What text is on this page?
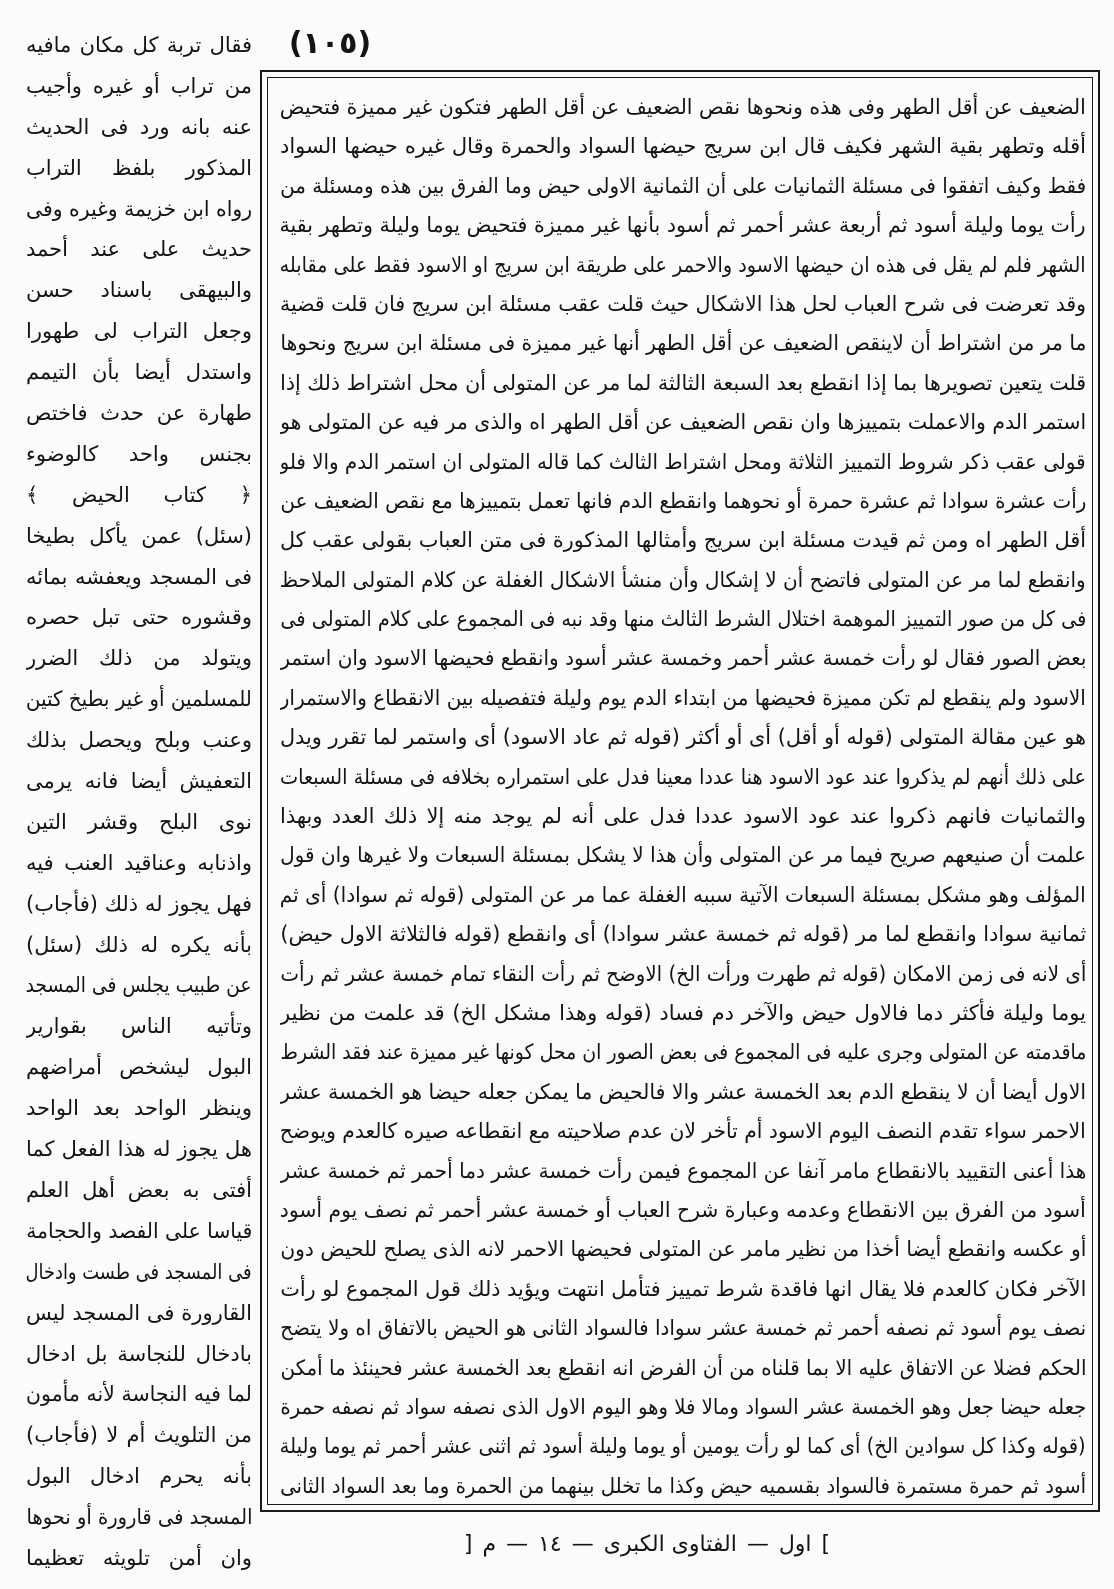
(١٠٥)
الضعيف عن أقل الطهر وفى هذه ونحوها نقص الضعيف عن أقل الطهر فتكون غير مميزة فتحيض
أقله وتطهر بقية الشهر فكيف قال ابن سريج حيضها السواد والحمرة وقال غيره حيضها السواد
فقط وكيف اتفقوا فى مسئلة الثمانيات على أن الثمانية الاولى حيض وما الفرق بين هذه ومسئلة من
رأت يوما وليلة أسود ثم أربعة عشر أحمر ثم أسود بأنها غير مميزة فتحيض يوما وليلة وتطهر بقية
الشهر فلم لم يقل فى هذه ان حيضها الاسود والاحمر على طريقة ابن سريج او الاسود فقط على مقابله
وقد تعرضت فى شرح العباب لحل هذا الاشكال حيث قلت عقب مسئلة ابن سريج فان قلت قضية
ما مر من اشتراط أن لاينقص الضعيف عن أقل الطهر أنها غير مميزة فى مسئلة ابن سريج ونحوها
قلت يتعين تصويرها بما إذا انقطع بعد السبعة الثالثة لما مر عن المتولى أن محل اشتراط ذلك إذا
استمر الدم والاعملت بتمييزها وان نقص الضعيف عن أقل الطهر اه والذى مر فيه عن المتولى هو
قولى عقب ذكر شروط التمييز الثلاثة ومحل اشتراط الثالث كما قاله المتولى ان استمر الدم والا فلو
رأت عشرة سوادا ثم عشرة حمرة أو نحوهما وانقطع الدم فانها تعمل بتمييزها مع نقص الضعيف عن
أقل الطهر اه ومن ثم قيدت مسئلة ابن سريج وأمثالها المذكورة فى متن العباب بقولى عقب كل
وانقطع لما مر عن المتولى فاتضح أن لا إشكال وأن منشأ الاشكال الغفلة عن كلام المتولى الملاحظ
فى كل من صور التمييز الموهمة اختلال الشرط الثالث منها وقد نبه فى المجموع على كلام المتولى فى
بعض الصور فقال لو رأت خمسة عشر أحمر وخمسة عشر أسود وانقطع فحيضها الاسود وان استمر
الاسود ولم ينقطع لم تكن مميزة فحيضها من ابتداء الدم يوم وليلة فتفصيله بين الانقطاع والاستمرار
هو عين مقالة المتولى (قوله أو أقل) أى أو أكثر (قوله ثم عاد الاسود) أى واستمر لما تقرر ويدل
على ذلك أنهم لم يذكروا عند عود الاسود هنا عددا معينا فدل على استمراره بخلافه فى مسئلة السبعات
والثمانيات فانهم ذكروا عند عود الاسود عددا فدل على أنه لم يوجد منه إلا ذلك العدد وبهذا
علمت أن صنيعهم صريح فيما مر عن المتولى وأن هذا لا يشكل بمسئلة السبعات ولا غيرها وان قول
المؤلف وهو مشكل بمسئلة السبعات الآتية سببه الغفلة عما مر عن المتولى (قوله ثم سوادا) أى ثم
ثمانية سوادا وانقطع لما مر (قوله ثم خمسة عشر سوادا) أى وانقطع (قوله فالثلاثة الاول حيض)
أى لانه فى زمن الامكان (قوله ثم طهرت ورأت الخ) الاوضح ثم رأت النقاء تمام خمسة عشر ثم رأت
يوما وليلة فأكثر دما فالاول حيض والآخر دم فساد (قوله وهذا مشكل الخ) قد علمت من نظير
ماقدمته عن المتولى وجرى عليه فى المجموع فى بعض الصور ان محل كونها غير مميزة عند فقد الشرط
الاول أيضا أن لا ينقطع الدم بعد الخمسة عشر والا فالحيض ما يمكن جعله حيضا هو الخمسة عشر
الاحمر سواء تقدم النصف اليوم الاسود أم تأخر لان عدم صلاحيته مع انقطاعه صيره كالعدم ويوضح
هذا أعنى التقييد بالانقطاع مامر آنفا عن المجموع فيمن رأت خمسة عشر دما أحمر ثم خمسة عشر
أسود من الفرق بين الانقطاع وعدمه وعبارة شرح العباب أو خمسة عشر أحمر ثم نصف يوم أسود
أو عكسه وانقطع أيضا أخذا من نظير مامر عن المتولى فحيضها الاحمر لانه الذى يصلح للحيض دون
الآخر فكان كالعدم فلا يقال انها فاقدة شرط تمييز فتأمل انتهت ويؤيد ذلك قول المجموع لو رأت
نصف يوم أسود ثم نصفه أحمر ثم خمسة عشر سوادا فالسواد الثانى هو الحيض بالاتفاق اه ولا يتضح
الحكم فضلا عن الاتفاق عليه الا بما قلناه من أن الفرض انه انقطع بعد الخمسة عشر فحينئذ ما أمكن
جعله حيضا جعل وهو الخمسة عشر السواد ومالا فلا وهو اليوم الاول الذى نصفه سواد ثم نصفه حمرة
(قوله وكذا كل سوادين الخ) أى كما لو رأت يومين أو يوما وليلة أسود ثم اثنى عشر أحمر ثم يوما وليلة
أسود ثم حمرة مستمرة فالسواد بقسميه حيض وكذا ما تخلل بينهما من الحمرة وما بعد السواد الثانى
فقال تربة كل مكان مافيه
من تراب أو غيره وأجيب
عنه بانه ورد فى الحديث
المذكور بلفظ التراب
رواه ابن خزيمة وغيره وفى
حديث على عند أحمد
والبيهقى باسناد حسن
وجعل التراب لى طهورا
واستدل أيضا بأن التيمم
طهارة عن حدث فاختص
بجنس واحد كالوضوء
﴿ كتاب الحيض ﴾
(سئل) عمن يأكل بطيخا
فى المسجد ويعفشه بمائه
وقشوره حتى تبل حصره
ويتولد من ذلك الضرر
للمسلمين أو غير بطيخ كتين
وعنب وبلح ويحصل بذلك
التعفيش أيضا فانه يرمى
نوى البلح وقشر التين
واذنابه وعناقيد العنب فيه
فهل يجوز له ذلك (فأجاب)
بأنه يكره له ذلك (سئل)
عن طبيب يجلس فى المسجد
وتأتيه الناس بقوارير
البول ليشخص أمراضهم
وينظر الواحد بعد الواحد
هل يجوز له هذا الفعل كما
أفتى به بعض أهل العلم
قياسا على الفصد والحجامة
فى المسجد فى طست وادخال
القارورة فى المسجد ليس
بادخال للنجاسة بل ادخال
لما فيه النجاسة لأنه مأمون
من التلويث أم لا (فأجاب)
بأنه يحرم ادخال البول
المسجد فى قارورة أو نحوها
وان أمن تلويثه تعظيما
[ م — ١٤ — الفتاوى الكبرى — اول ]
